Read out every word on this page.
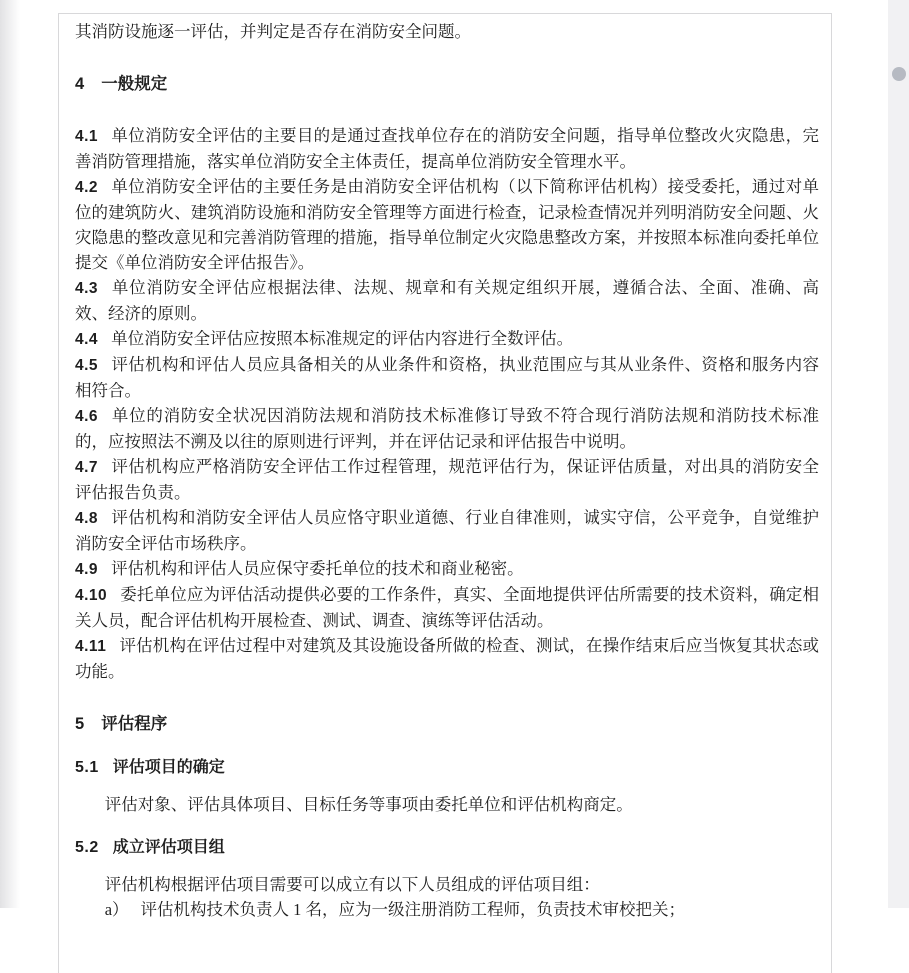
其消防设施逐一评估，并判定是否存在消防安全问题。

4 一般规定

4.1 单位消防安全评估的主要目的是通过查找单位存在的消防安全问题，指导单位整改火灾隐患，完善消防管理措施，落实单位消防安全主体责任，提高单位消防安全管理水平。

4.2 单位消防安全评估的主要任务是由消防安全评估机构（以下简称评估机构）接受委托，通过对单位的建筑防火、建筑消防设施和消防安全管理等方面进行检查，记录检查情况并列明消防安全问题、火灾隐患的整改意见和完善消防管理的措施，指导单位制定火灾隐患整改方案，并按照本标准向委托单位提交《单位消防安全评估报告》。

4.3 单位消防安全评估应根据法律、法规、规章和有关规定组织开展，遵循合法、全面、准确、高效、经济的原则。

4.4 单位消防安全评估应按照本标准规定的评估内容进行全数评估。

4.5 评估机构和评估人员应具备相关的从业条件和资格，执业范围应与其从业条件、资格和服务内容相符合。

4.6 单位的消防安全状况因消防法规和消防技术标准修订导致不符合现行消防法规和消防技术标准的，应按照法不溯及以往的原则进行评判，并在评估记录和评估报告中说明。

4.7 评估机构应严格消防安全评估工作过程管理，规范评估行为，保证评估质量，对出具的消防安全评估报告负责。

4.8 评估机构和消防安全评估人员应恪守职业道德、行业自律准则，诚实守信，公平竞争，自觉维护消防安全评估市场秩序。

4.9 评估机构和评估人员应保守委托单位的技术和商业秘密。

4.10 委托单位应为评估活动提供必要的工作条件，真实、全面地提供评估所需要的技术资料，确定相关人员，配合评估机构开展检查、测试、调查、演练等评估活动。

4.11 评估机构在评估过程中对建筑及其设施设备所做的检查、测试，在操作结束后应当恢复其状态或功能。

5 评估程序
5.1 评估项目的确定

评估对象、评估具体项目、目标任务等事项由委托单位和评估机构商定。

5.2 成立评估项目组

评估机构根据评估项目需要可以成立有以下人员组成的评估项目组：

a） 评估机构技术负责人 1 名，应为一级注册消防工程师，负责技术审校把关；
